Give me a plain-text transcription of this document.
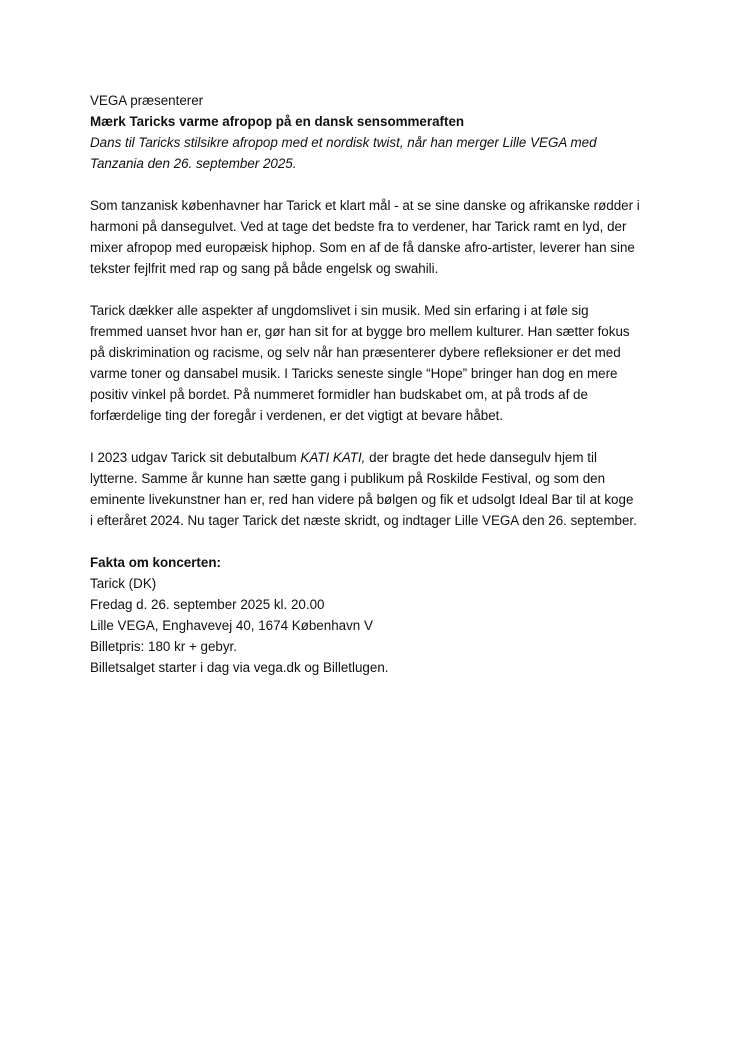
VEGA præsenterer

Mærk Taricks varme afropop på en dansk sensommeraften

Dans til Taricks stilsikre afropop med et nordisk twist, når han merger Lille VEGA med
Tanzania den 26. september 2025.

Som tanzanisk københavner har Tarick et klart mål - at se sine danske og afrikanske rødder i
harmoni på dansegulvet. Ved at tage det bedste fra to verdener, har Tarick ramt en lyd, der
mixer afropop med europæisk hiphop. Som en af de få danske afro-artister, leverer han sine
tekster fejlfrit med rap og sang på både engelsk og swahili.

Tarick dækker alle aspekter af ungdomslivet i sin musik. Med sin erfaring i at føle sig
fremmed uanset hvor han er, gør han sit for at bygge bro mellem kulturer. Han sætter fokus
på diskrimination og racisme, og selv når han præsenterer dybere refleksioner er det med
varme toner og dansabel musik. I Taricks seneste single “Hope” bringer han dog en mere
positiv vinkel på bordet. På nummeret formidler han budskabet om, at på trods af de
forfærdelige ting der foregår i verdenen, er det vigtigt at bevare håbet.

I 2023 udgav Tarick sit debutalbum KATI KATI, der bragte det hede dansegulv hjem til
lytterne. Samme år kunne han sætte gang i publikum på Roskilde Festival, og som den
eminente livekunstner han er, red han videre på bølgen og fik et udsolgt Ideal Bar til at koge
i efteråret 2024. Nu tager Tarick det næste skridt, og indtager Lille VEGA den 26. september.

Fakta om koncerten:
Tarick (DK)
Fredag d. 26. september 2025 kl. 20.00
Lille VEGA, Enghavevej 40, 1674 København V
Billetpris: 180 kr + gebyr.
Billetsalget starter i dag via vega.dk og Billetlugen.
